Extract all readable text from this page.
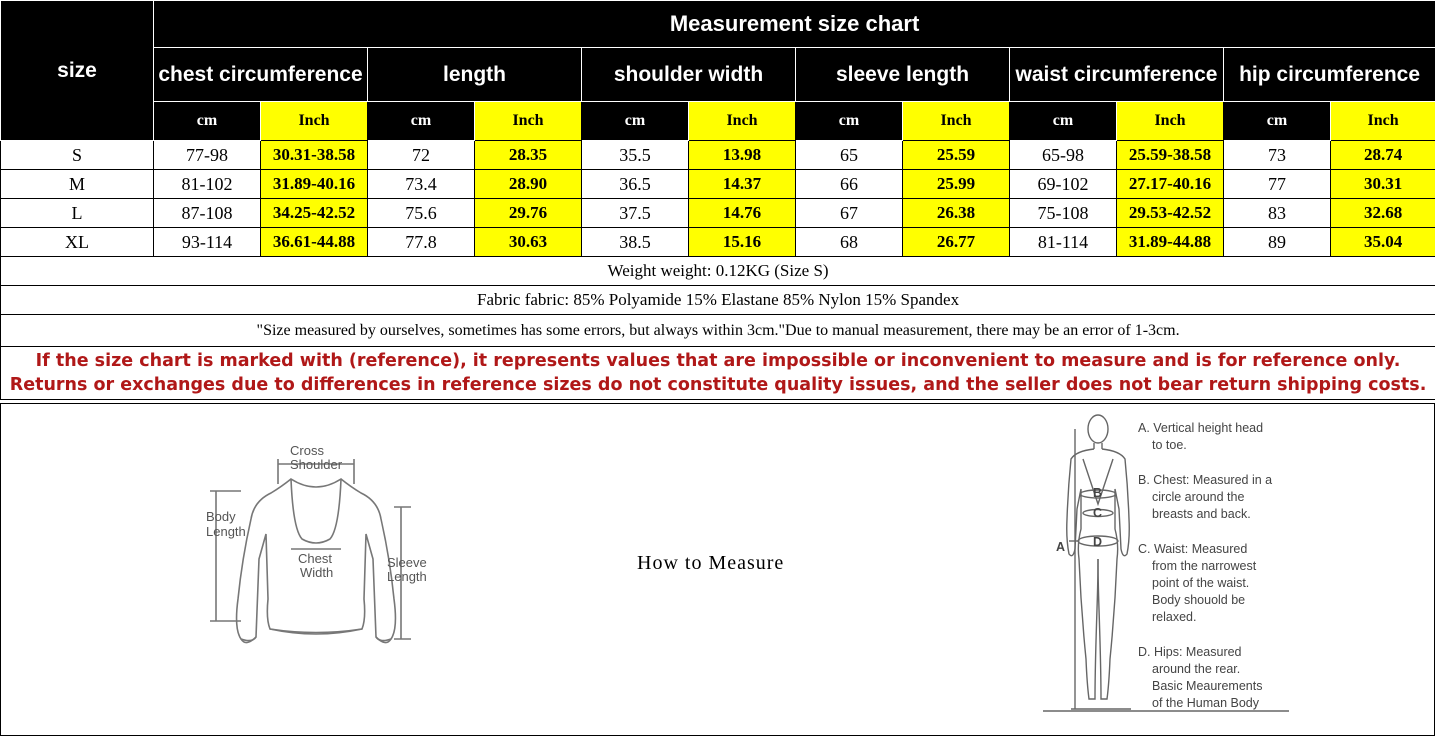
size	Measurement size chart											
	chest circumference		length		shoulder width		sleeve length		waist circumference		hip circumference	
	cm	Inch	cm	Inch	cm	Inch	cm	Inch	cm	Inch	cm	Inch
S	77-98	30.31-38.58	72	28.35	35.5	13.98	65	25.59	65-98	25.59-38.58	73	28.74
M	81-102	31.89-40.16	73.4	28.90	36.5	14.37	66	25.99	69-102	27.17-40.16	77	30.31
L	87-108	34.25-42.52	75.6	29.76	37.5	14.76	67	26.38	75-108	29.53-42.52	83	32.68
XL	93-114	36.61-44.88	77.8	30.63	38.5	15.16	68	26.77	81-114	31.89-44.88	89	35.04
Weight weight: 0.12KG (Size S)												
Fabric fabric: 85% Polyamide 15% Elastane 85% Nylon 15% Spandex												
"Size measured by ourselves, sometimes has some errors, but always within 3cm."Due to manual measurement, there may be an error of 1-3cm.												
If the size chart is marked with (reference), it represents values that are impossible or inconvenient to measure and is for reference only. Returns or exchanges due to differences in reference sizes do not constitute quality issues, and the seller does not bear return shipping costs.												
Cross
Shoulder
Body
Length
Chest
Width
Sleeve
Length
How to Measure
B
C
D
A
A. Vertical height head
to toe.
B. Chest: Measured in a
circle around the
breasts and back.
C. Waist: Measured
from the narrowest
point of the waist.
Body shouold be
relaxed.
D. Hips: Measured
around the rear.
Basic Meaurements
of the Human Body
